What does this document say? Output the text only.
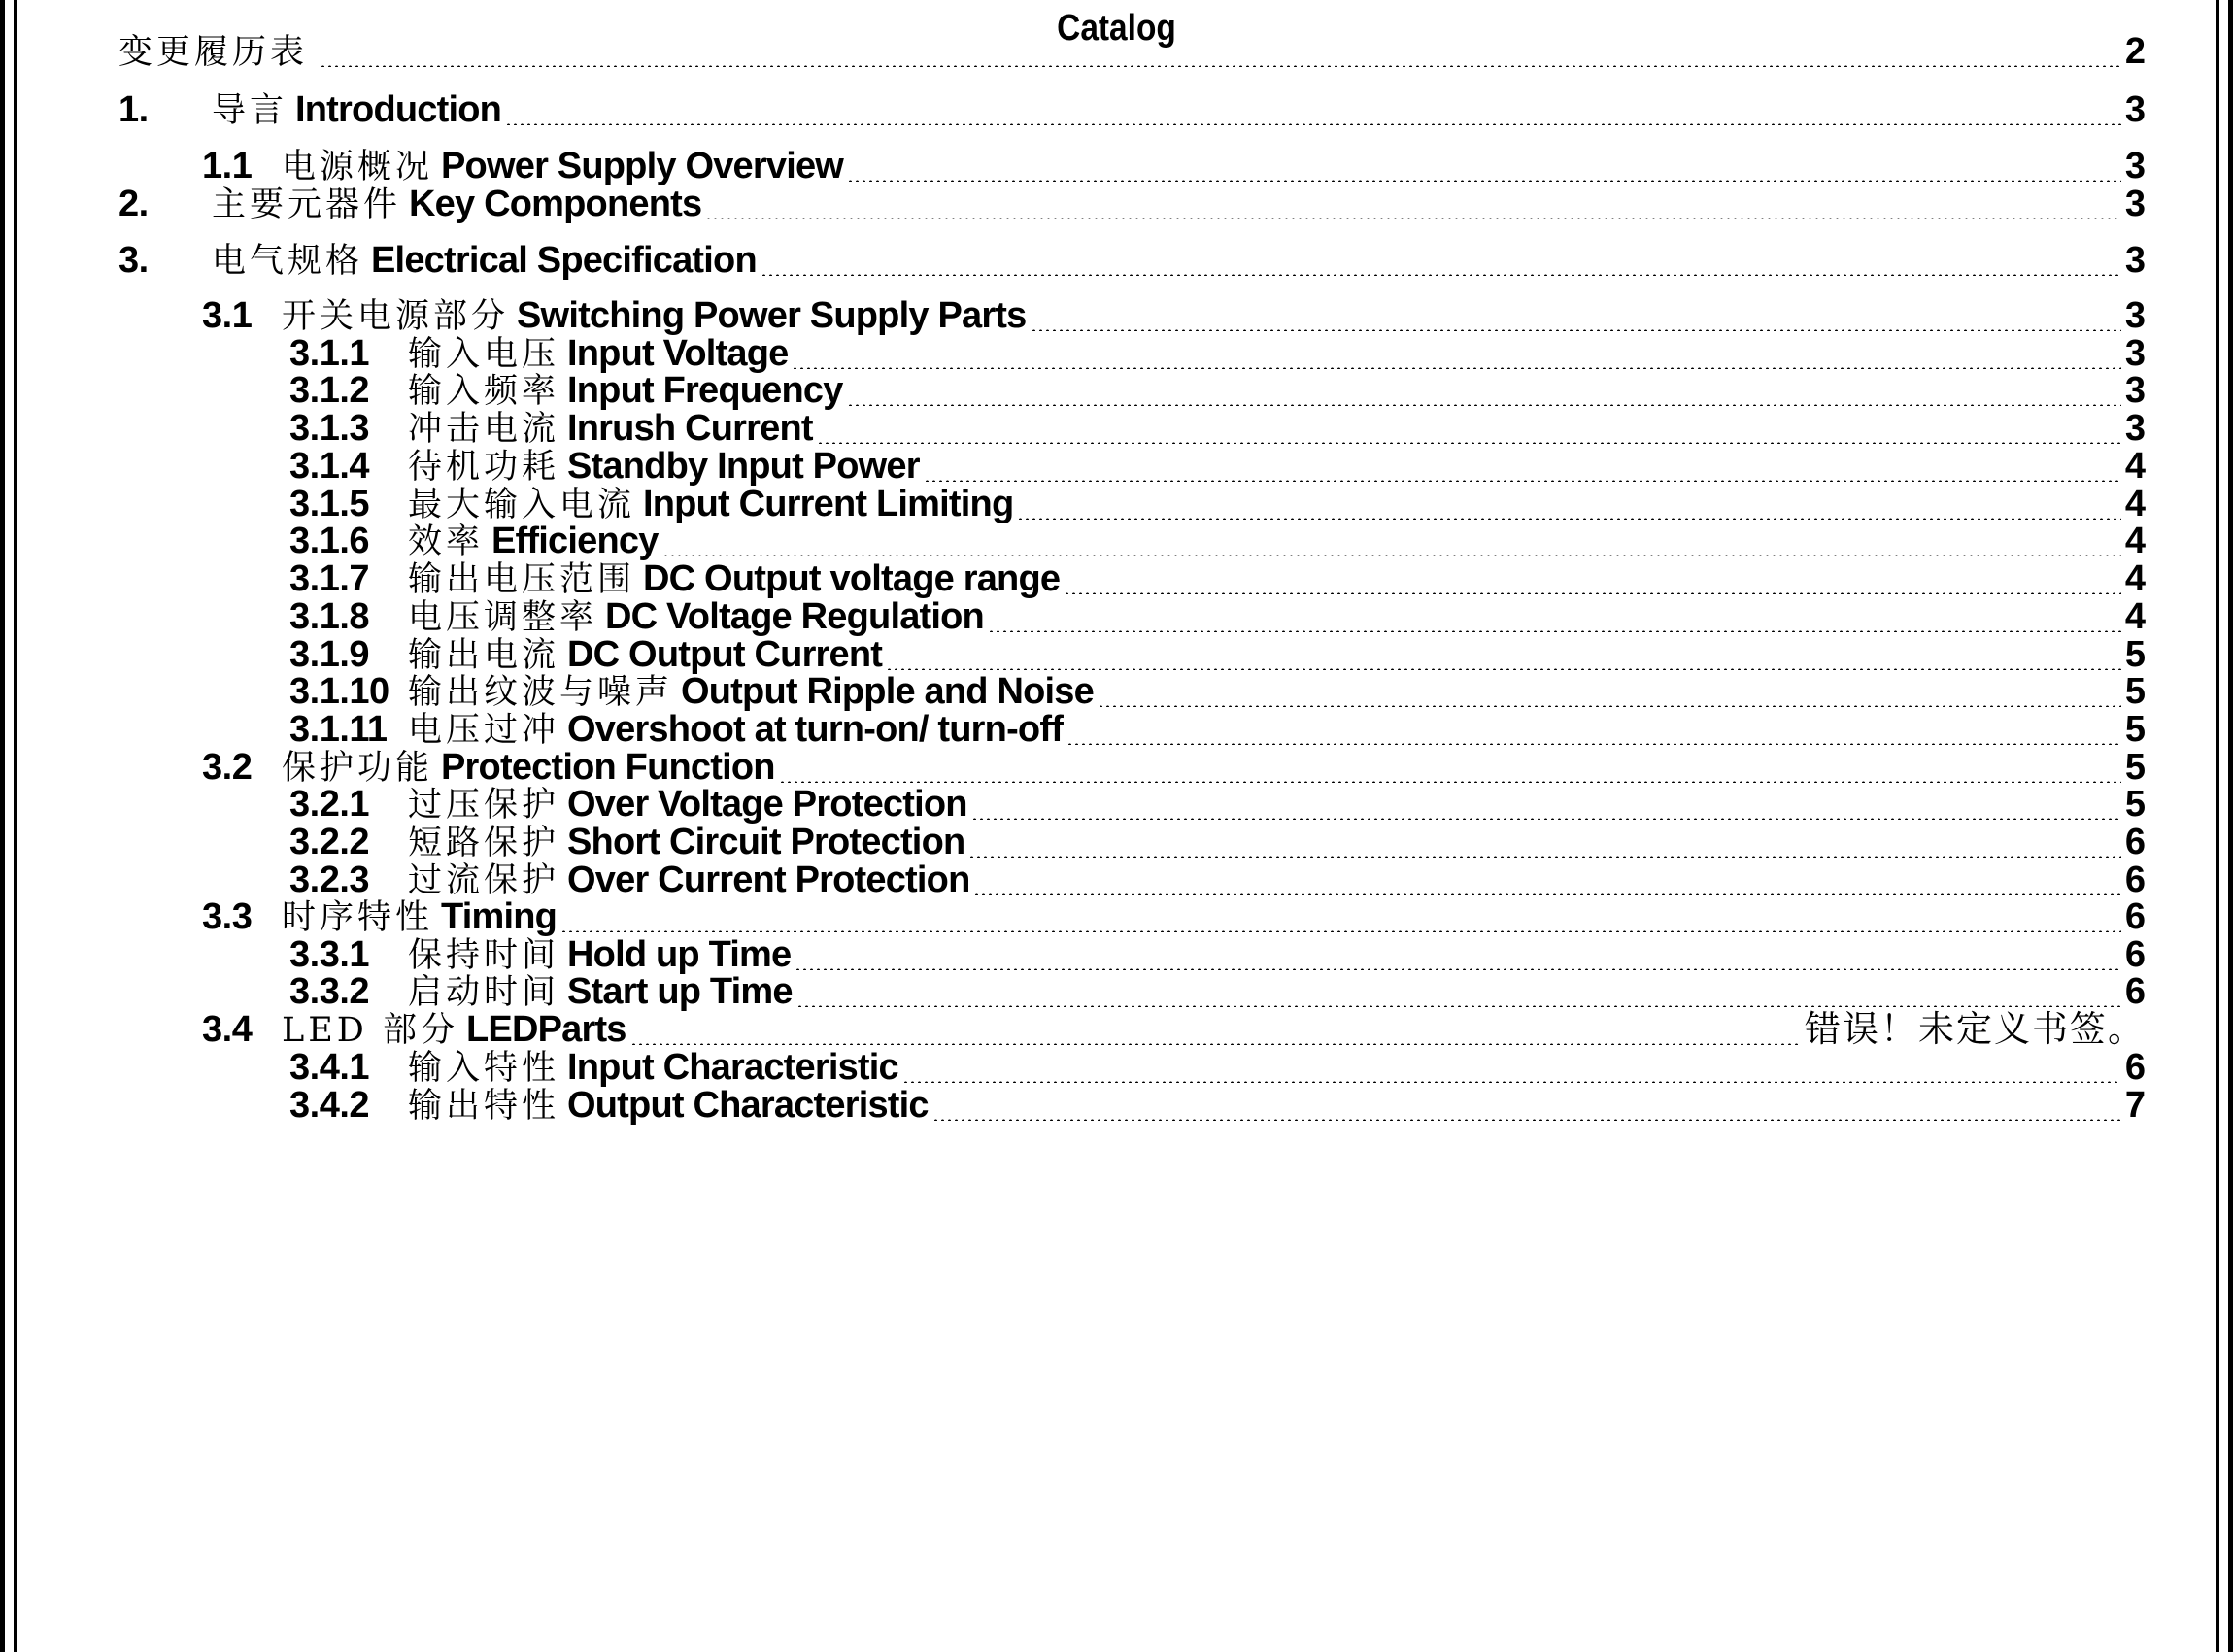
Catalog
变更履历表	2
1. 导言 Introduction	3
1.1 电源概况 Power Supply Overview	3
2. 主要元器件 Key Components	3
3. 电气规格 Electrical Specification	3
3.1 开关电源部分 Switching Power Supply Parts	3
3.1.1 输入电压 Input Voltage	3
3.1.2 输入频率 Input Frequency	3
3.1.3 冲击电流 Inrush Current	3
3.1.4 待机功耗 Standby Input Power	4
3.1.5 最大输入电流 Input Current Limiting	4
3.1.6 效率 Efficiency	4
3.1.7 输出电压范围 DC Output voltage range	4
3.1.8 电压调整率 DC Voltage Regulation	4
3.1.9 输出电流 DC Output Current	5
3.1.10 输出纹波与噪声 Output Ripple and Noise	5
3.1.11 电压过冲 Overshoot at turn-on/ turn-off	5
3.2 保护功能 Protection Function	5
3.2.1 过压保护 Over Voltage Protection	5
3.2.2 短路保护 Short Circuit Protection	6
3.2.3 过流保护 Over Current Protection	6
3.3 时序特性 Timing	6
3.3.1 保持时间 Hold up Time	6
3.3.2 启动时间 Start up Time	6
3.4 LED 部分 LEDParts	错误！未定义书签。
3.4.1 输入特性 Input Characteristic	6
3.4.2 输出特性 Output Characteristic	7
